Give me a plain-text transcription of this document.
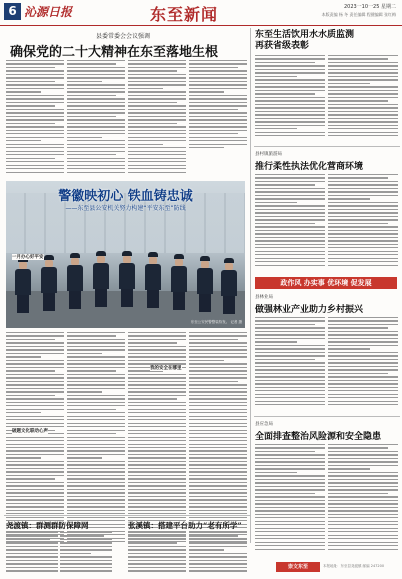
6 沁源日报	东至新闻	2023一10一25 星期二
本版责编 杨 冬 责任编辑 程健编辑 张红梅
县委常委会会议强调
确保党的二十大精神在东至落地生根
警徽映初心 铁血铸忠诚
——东至县公安机关努力构建“平安东至”防线
东至公安民警整装待发。 记者 摄
一月办心好平安
破题文化联动心声
我的安全在哪里
东至生活饮用水水质监测
再获省级表彰
县村镇旅游局
推行柔性执法优化营商环境
政作风 办实事 优环境 促发展
县林业局
做强林业产业助力乡村振兴
县应急局
全面排查整治风险源和安全隐患
尧渡镇：群测群防保障网	张溪镇：搭建平台助力“老有所学”
崇文东至	本报地址：东至县尧渡镇 邮编 247200
